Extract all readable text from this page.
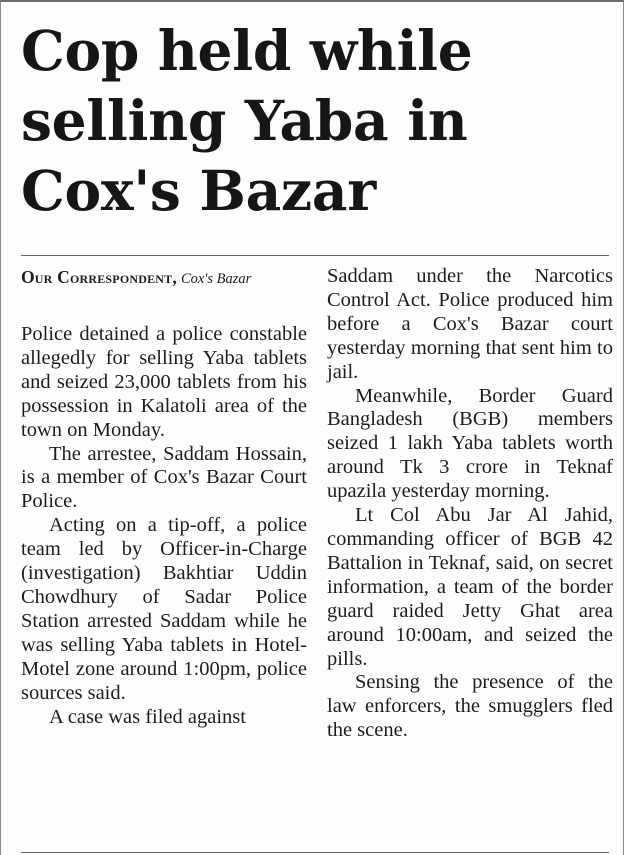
Cop held while selling Yaba in Cox's Bazar
Our Correspondent, Cox's Bazar

Police detained a police constable allegedly for selling Yaba tablets and seized 23,000 tablets from his possession in Kalatoli area of the town on Monday.

The arrestee, Saddam Hossain, is a member of Cox's Bazar Court Police.

Acting on a tip-off, a police team led by Officer-in-Charge (investigation) Bakhtiar Uddin Chowdhury of Sadar Police Station arrested Saddam while he was selling Yaba tablets in Hotel-Motel zone around 1:00pm, police sources said.

A case was filed against

Saddam under the Narcotics Control Act. Police produced him before a Cox's Bazar court yesterday morning that sent him to jail.

Meanwhile, Border Guard Bangladesh (BGB) members seized 1 lakh Yaba tablets worth around Tk 3 crore in Teknaf upazila yesterday morning.

Lt Col Abu Jar Al Jahid, commanding officer of BGB 42 Battalion in Teknaf, said, on secret information, a team of the border guard raided Jetty Ghat area around 10:00am, and seized the pills.

Sensing the presence of the law enforcers, the smugglers fled the scene.
